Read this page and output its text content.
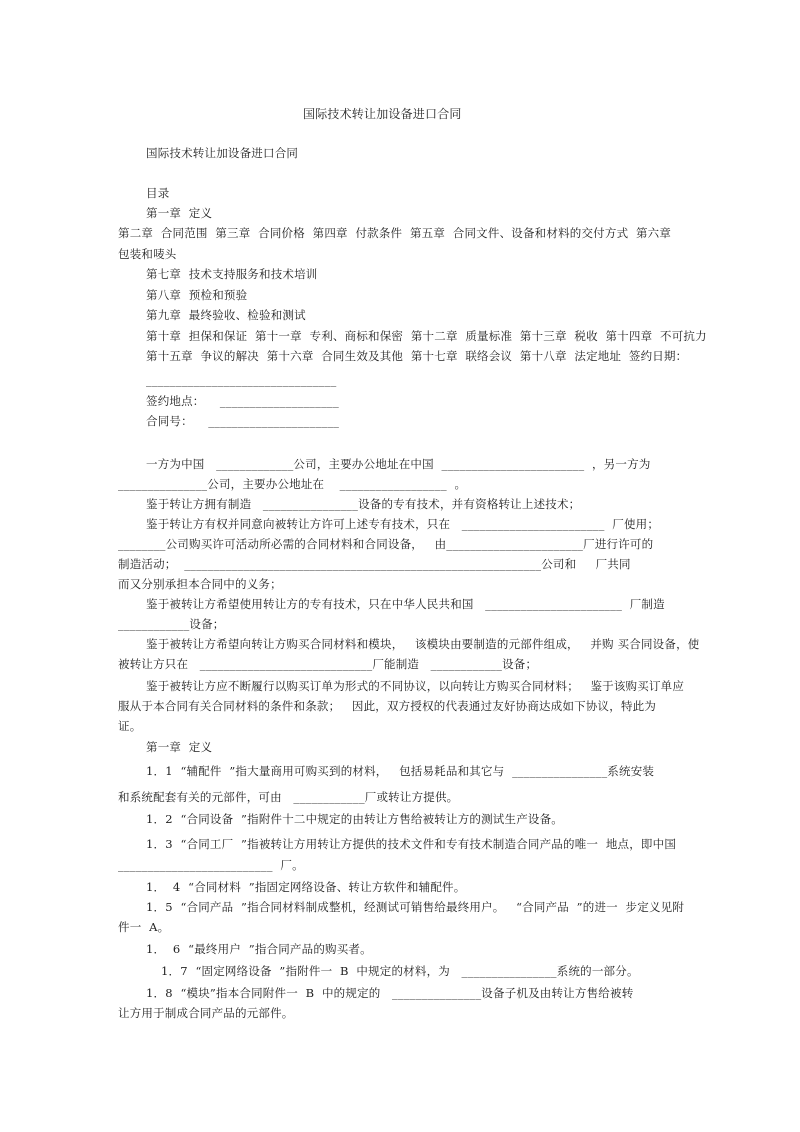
国际技术转让加设备进口合同
国际技术转让加设备进口合同
目录
第一章  定义
第二章  合同范围  第三章  合同价格  第四章  付款条件  第五章  合同文件、设备和材料的交付方式  第六章
包装和唛头
第七章  技术支持服务和技术培训
第八章  预检和预验
第九章  最终验收、检验和测试
第十章  担保和保证  第十一章  专利、商标和保密  第十二章  质量标准  第十三章  税收  第十四章  不可抗力
第十五章  争议的解决  第十六章  合同生效及其他  第十七章  联络会议  第十八章  法定地址  签约日期：
________________________________
签约地点：    ____________________
合同号：    ______________________
一方为中国   _____________公司，主要办公地址在中国  ________________________  ，另一方为
_______________公司，主要办公地址在    __________________  。
鉴于转让方拥有制造   ________________设备的专有技术，并有资格转让上述技术；
鉴于转让方有权并同意向被转让方许可上述专有技术，只在   ________________________  厂使用；
________公司购买许可活动所必需的合同材料和合同设备，   由_______________________厂进行许可的
制造活动；  ____________________________________________________________公司和     厂共同
而又分别承担本合同中的义务；
鉴于被转让方希望使用转让方的专有技术，只在中华人民共和国   _______________________  厂制造
____________设备；
鉴于被转让方希望向转让方购买合同材料和模块，   该模块由要制造的元部件组成，   并购 买合同设备，使
被转让方只在   _____________________________厂能制造   ____________设备；
鉴于被转让方应不断履行以购买订单为形式的不同协议，以向转让方购买合同材料；   鉴于该购买订单应
服从于本合同有关合同材料的条件和条款；   因此，双方授权的代表通过友好协商达成如下协议，特此为
证。
第一章  定义
1．1  “辅配件  ”指大量商用可购买到的材料，   包括易耗品和其它与  ________________系统安装
和系统配套有关的元部件，可由   ____________厂或转让方提供。
1．2  “合同设备  ”指附件十二中规定的由转让方售给被转让方的测试生产设备。
1．3  “合同工厂  ”指被转让方用转让方提供的技术文件和专有技术制造合同产品的唯一  地点，即中国
__________________________  厂。
1．  4  “合同材料  ”指固定网络设备、转让方软件和辅配件。
1．5  “合同产品  ”指合同材料制成整机，经测试可销售给最终用户。   “合同产品  ”的进一  步定义见附
件一  A。
1．  6  “最终用户  ”指合同产品的购买者。
1．7  “固定网络设备  ”指附件一  B  中规定的材料，为   ________________系统的一部分。
1．8  “模块”指本合同附件一  B  中的规定的   _______________设备子机及由转让方售给被转
让方用于制成合同产品的元部件。
